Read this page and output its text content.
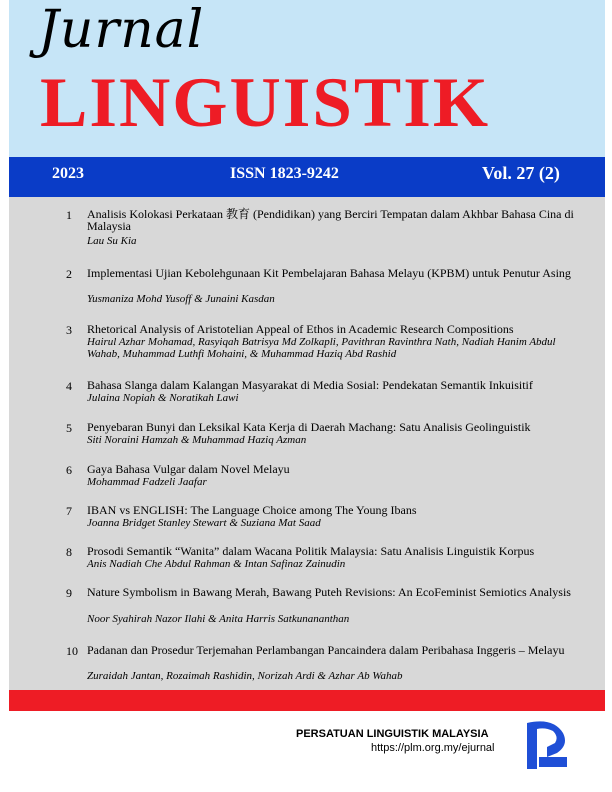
Jurnal
LINGUISTIK
2023	ISSN 1823-9242	Vol. 27 (2)
1 Analisis Kolokasi Perkataan 教育 (Pendidikan) yang Berciri Tempatan dalam Akhbar Bahasa Cina di Malaysia
Lau Su Kia
2 Implementasi Ujian Kebolehgunaan Kit Pembelajaran Bahasa Melayu (KPBM) untuk Penutur Asing
Yusmaniza Mohd Yusoff & Junaini Kasdan
3 Rhetorical Analysis of Aristotelian Appeal of Ethos in Academic Research Compositions
Hairul Azhar Mohamad, Rasyiqah Batrisya Md Zolkapli, Pavithran Ravinthra Nath, Nadiah Hanim Abdul Wahab, Muhammad Luthfi Mohaini, & Muhammad Haziq Abd Rashid
4 Bahasa Slanga dalam Kalangan Masyarakat di Media Sosial: Pendekatan Semantik Inkuisitif
Julaina Nopiah & Noratikah Lawi
5 Penyebaran Bunyi dan Leksikal Kata Kerja di Daerah Machang: Satu Analisis Geolinguistik
Siti Noraini Hamzah & Muhammad Haziq Azman
6 Gaya Bahasa Vulgar dalam Novel Melayu
Mohammad Fadzeli Jaafar
7 IBAN vs ENGLISH: The Language Choice among The Young Ibans
Joanna Bridget Stanley Stewart & Suziana Mat Saad
8 Prosodi Semantik “Wanita” dalam Wacana Politik Malaysia: Satu Analisis Linguistik Korpus
Anis Nadiah Che Abdul Rahman & Intan Safinaz Zainudin
9 Nature Symbolism in Bawang Merah, Bawang Puteh Revisions: An EcoFeminist Semiotics Analysis
Noor Syahirah Nazor Ilahi & Anita Harris Satkunananthan
10 Padanan dan Prosedur Terjemahan Perlambangan Pancaindera dalam Peribahasa Inggeris – Melayu
Zuraidah Jantan, Rozaimah Rashidin, Norizah Ardi & Azhar Ab Wahab
PERSATUAN LINGUISTIK MALAYSIA
https://plm.org.my/ejurnal
